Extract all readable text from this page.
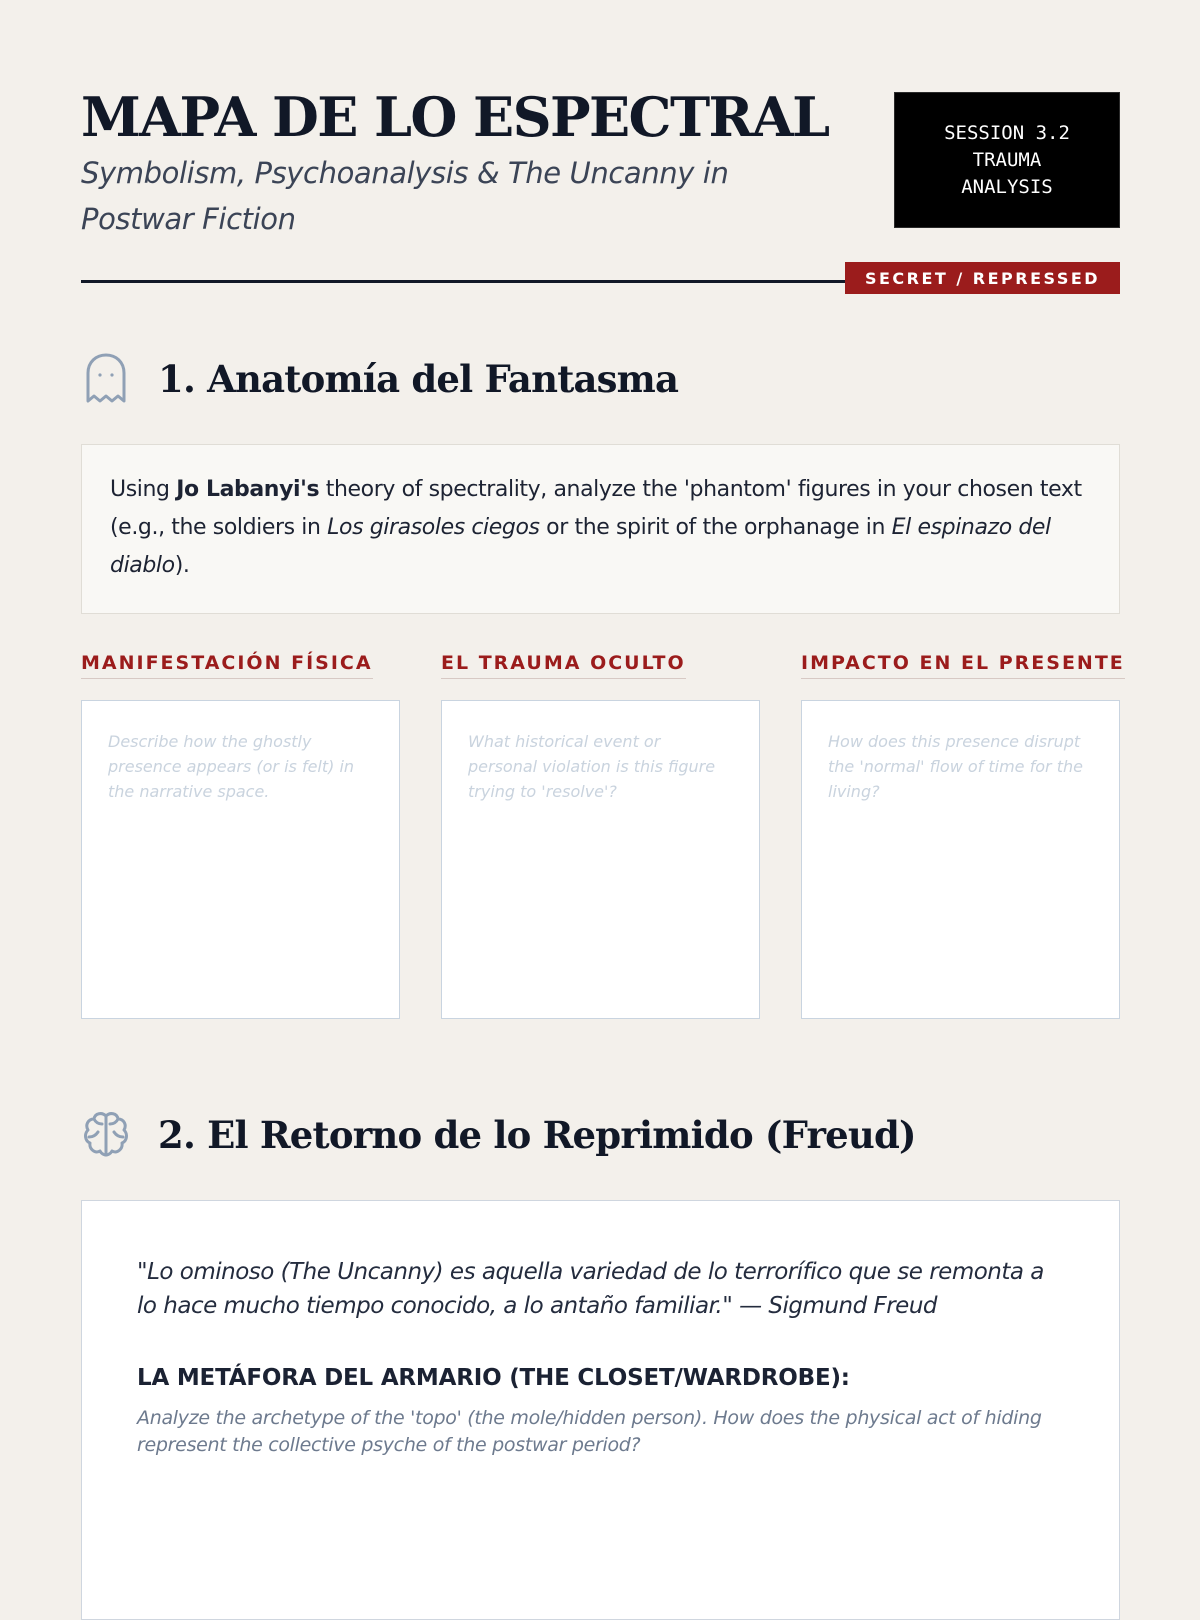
MAPA DE LO ESPECTRAL
Symbolism, Psychoanalysis & The Uncanny in Postwar Fiction
SESSION 3.2
TRAUMA
ANALYSIS
SECRET / REPRESSED
1. Anatomía del Fantasma
Using Jo Labanyi's theory of spectrality, analyze the 'phantom' figures in your chosen text (e.g., the soldiers in Los girasoles ciegos or the spirit of the orphanage in El espinazo del diablo).
MANIFESTACIÓN FÍSICA
Describe how the ghostly presence appears (or is felt) in the narrative space.
EL TRAUMA OCULTO
What historical event or personal violation is this figure trying to 'resolve'?
IMPACTO EN EL PRESENTE
How does this presence disrupt the 'normal' flow of time for the living?
2. El Retorno de lo Reprimido (Freud)

"Lo ominoso (The Uncanny) es aquella variedad de lo terrorífico que se remonta a lo hace mucho tiempo conocido, a lo antaño familiar." — Sigmund Freud

LA METÁFORA DEL ARMARIO (THE CLOSET/WARDROBE):

Analyze the archetype of the 'topo' (the mole/hidden person). How does the physical act of hiding represent the collective psyche of the postwar period?
